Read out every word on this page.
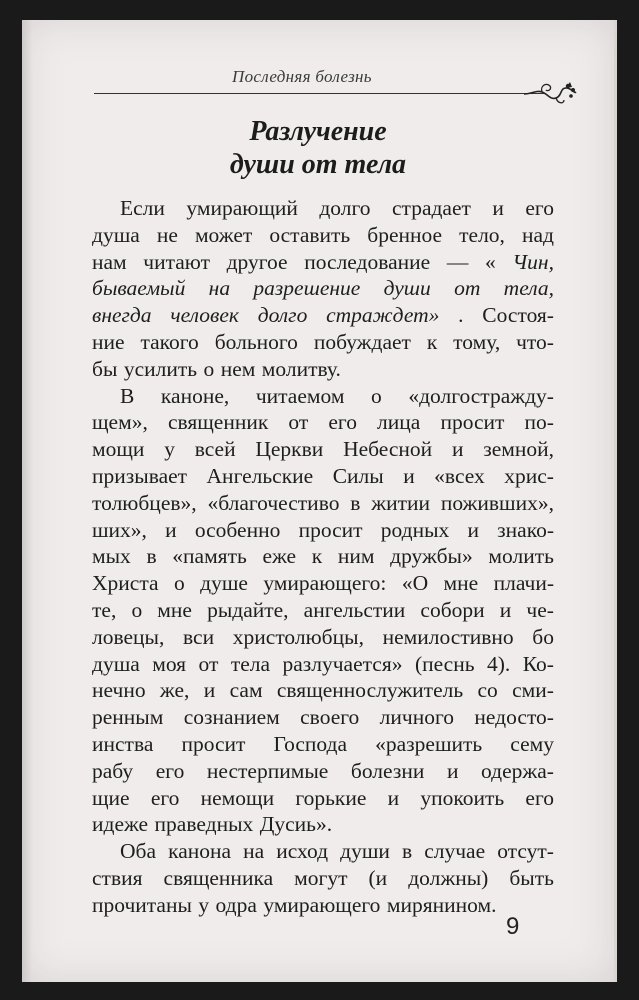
Последняя болезнь
Разлучение
души от тела
Если умирающий долго страдает и его
душа не может оставить бренное тело, над
нам читают другое последование — « Чин,
бываемый на разрешение души от тела,
внегда человек долго страждет» . Состоя-
ние такого больного побуждает к тому, что-
бы усилить о нем молитву.
В каноне, читаемом о «долгостражду-
щем», священник от его лица просит по-
мощи у всей Церкви Небесной и земной,
призывает Ангельские Силы и «всех хрис-
толюбцев», «благочестиво в житии поживших»,
ших», и особенно просит родных и знако-
мых в «память еже к ним дружбы» молить
Христа о душе умирающего: «О мне плачи-
те, о мне рыдайте, ангельстии собори и че-
ловецы, вси христолюбцы, немилостивно бо
душа моя от тела разлучается» (песнь 4). Ко-
нечно же, и сам священнослужитель со сми-
ренным сознанием своего личного недосто-
инства просит Господа «разрешить сему
рабу его нестерпимые болезни и одержа-
щие его немощи горькие и упокоить его
идеже праведных Дусиь».
Оба канона на исход души в случае отсут-
ствия священника могут (и должны) быть
прочитаны у одра умирающего мирянином.
9
